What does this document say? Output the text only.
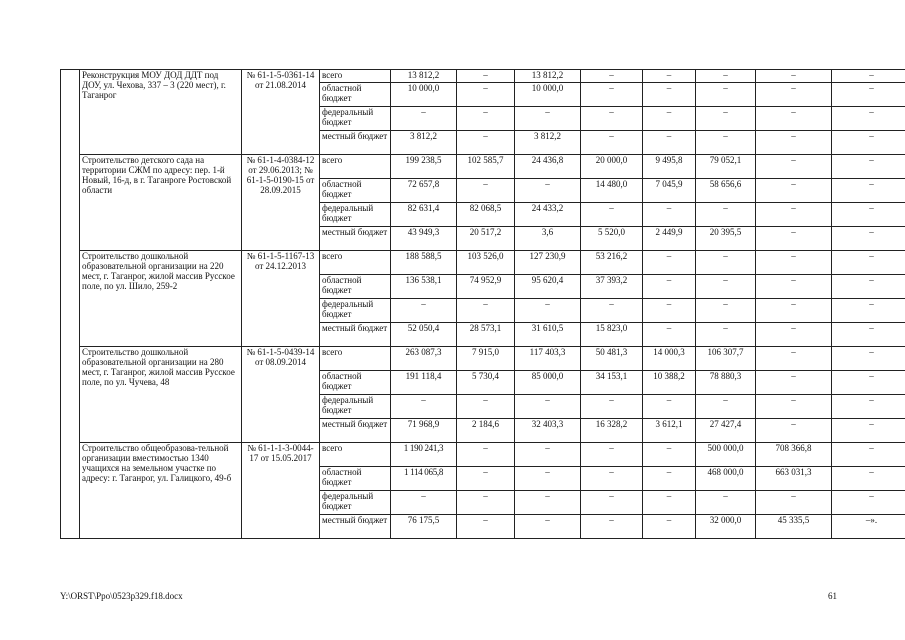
	Реконструкция МОУ ДОД ДДТ под ДОУ, ул. Чехова, 337 – 3 (220 мест), г. Таганрог	№ 61-1-5-0361-14 от 21.08.2014	всего	13 812,2	–	13 812,2	–	–	–	–	–
			областной бюджет	10 000,0	–	10 000,0	–	–	–	–	–
			федеральный бюджет	–	–	–	–	–	–	–	–
			местный бюджет	3 812,2	–	3 812,2	–	–	–	–	–
	Строительство детского сада на территории СЖМ по адресу: пер. 1-й Новый, 16-д, в г. Таганроге Ростовской области	№ 61-1-4-0384-12 от 29.06.2013; № 61-1-5-0190-15 от 28.09.2015	всего	199 238,5	102 585,7	24 436,8	20 000,0	9 495,8	79 052,1	–	–
			областной бюджет	72 657,8	–	–	14 480,0	7 045,9	58 656,6	–	–
			федеральный бюджет	82 631,4	82 068,5	24 433,2	–	–	–	–	–
			местный бюджет	43 949,3	20 517,2	3,6	5 520,0	2 449,9	20 395,5	–	–
	Строительство дошкольной образовательной организации на 220 мест, г. Таганрог, жилой массив Русское поле, по ул. Шило, 259-2	№ 61-1-5-1167-13 от 24.12.2013	всего	188 588,5	103 526,0	127 230,9	53 216,2	–	–	–	–
			областной бюджет	136 538,1	74 952,9	95 620,4	37 393,2	–	–	–	–
			федеральный бюджет	–	–	–	–	–	–	–	–
			местный бюджет	52 050,4	28 573,1	31 610,5	15 823,0	–	–	–	–
	Строительство дошкольной образовательной организации на 280 мест, г. Таганрог, жилой массив Русское поле, по ул. Чучева, 48	№ 61-1-5-0439-14 от 08.09.2014	всего	263 087,3	7 915,0	117 403,3	50 481,3	14 000,3	106 307,7	–	–
			областной бюджет	191 118,4	5 730,4	85 000,0	34 153,1	10 388,2	78 880,3	–	–
			федеральный бюджет	–	–	–	–	–	–	–	–
			местный бюджет	71 968,9	2 184,6	32 403,3	16 328,2	3 612,1	27 427,4	–	–
	Строительство общеобразова-тельной организации вместимостью 1340 учащихся на земельном участке по адресу: г. Таганрог, ул. Галицкого, 49-б	№ 61-1-1-3-0044-17 от 15.05.2017	всего	1 190 241,3	–	–	–	–	500 000,0	708 366,8	–
			областной бюджет	1 114 065,8	–	–	–	–	468 000,0	663 031,3	–
			федеральный бюджет	–	–	–	–	–	–	–	–
			местный бюджет	76 175,5	–	–	–	–	32 000,0	45 335,5	–».
Y:\ORST\Ppo\0523p329.f18.docx	61
